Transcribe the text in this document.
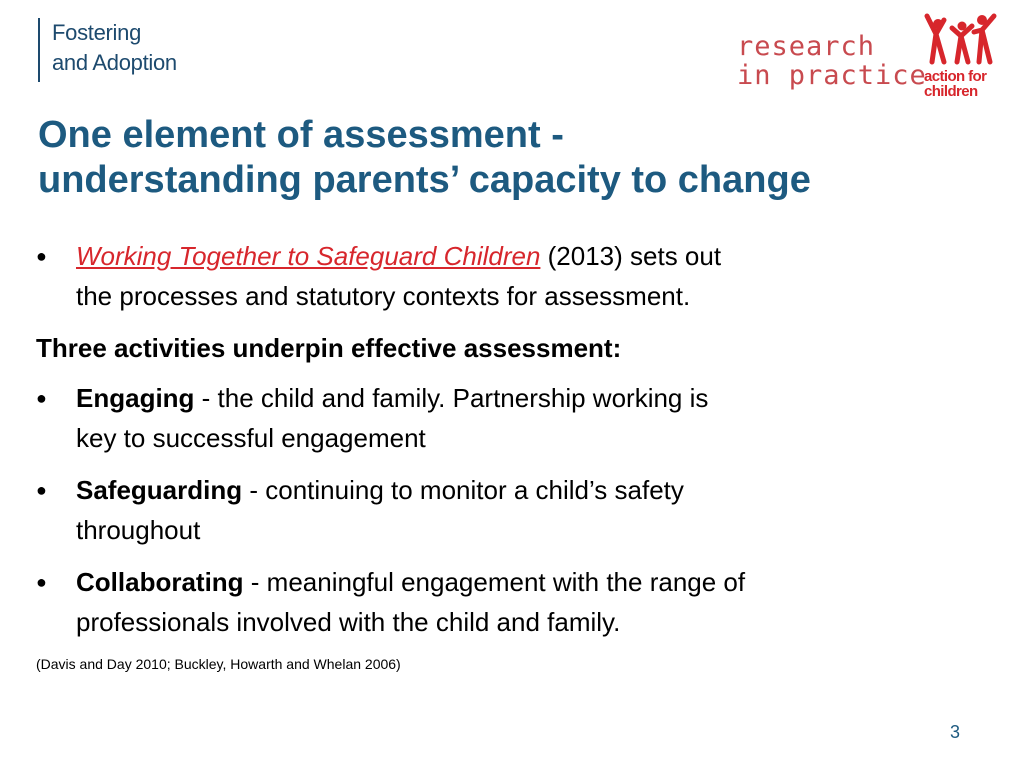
Fostering
and Adoption
research
in practice
action for
children
One element of assessment -
understanding parents’ capacity to change
●	Working Together to Safeguard Children (2013) sets out
the processes and statutory contexts for assessment.
Three activities underpin effective assessment:
●	Engaging - the child and family. Partnership working is
key to successful engagement
●	Safeguarding - continuing to monitor a child’s safety
throughout
●	Collaborating - meaningful engagement with the range of
professionals involved with the child and family.
(Davis and Day 2010; Buckley, Howarth and Whelan 2006)
3
